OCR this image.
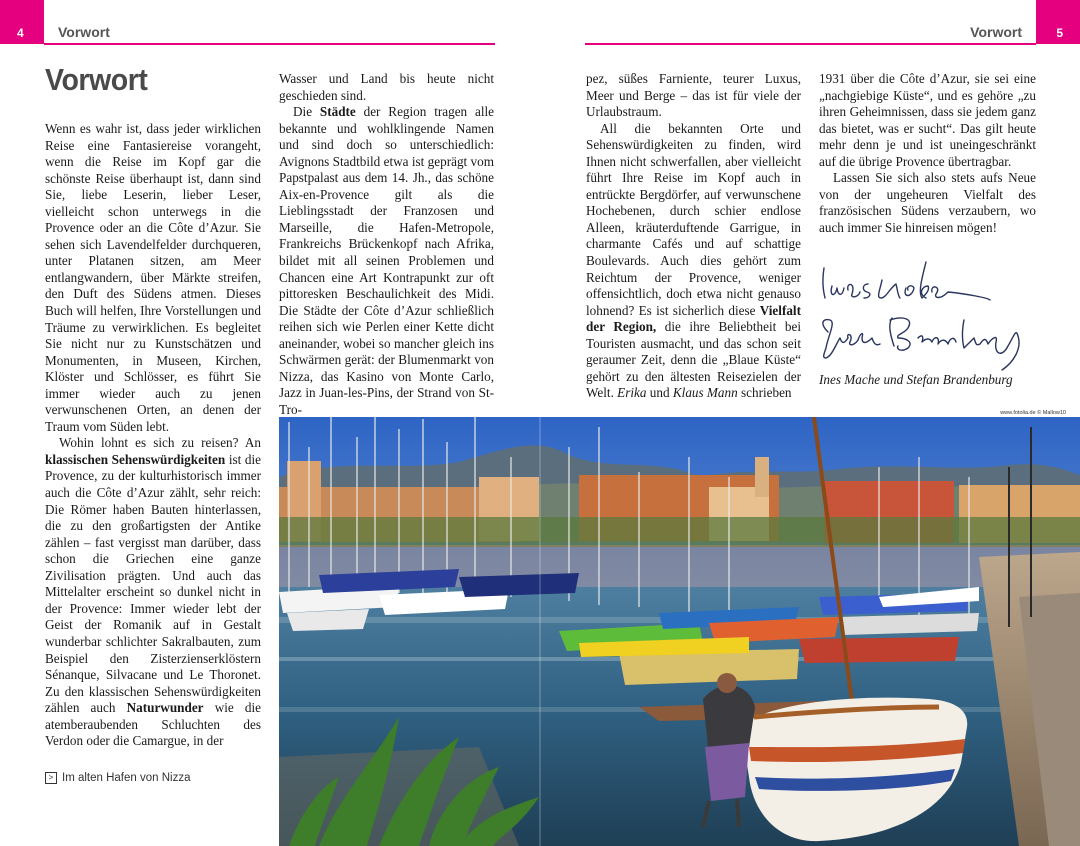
4 Vorwort	Vorwort	5
Vorwort

Wenn es wahr ist, dass jeder wirklichen Reise eine Fantasiereise vorangeht, wenn die Reise im Kopf gar die schönste Reise überhaupt ist, dann sind Sie, liebe Leserin, lieber Leser, vielleicht schon unterwegs in die Provence oder an die Côte d’Azur. Sie sehen sich Lavendelfelder durchqueren, unter Platanen sitzen, am Meer entlangwandern, über Märkte streifen, den Duft des Südens atmen. Dieses Buch will helfen, Ihre Vorstellungen und Träume zu verwirklichen. Es begleitet Sie nicht nur zu Kunstschätzen und Monumenten, in Museen, Kirchen, Klöster und Schlösser, es führt Sie immer wieder auch zu jenen verwunschenen Orten, an denen der Traum vom Süden lebt.

Wohin lohnt es sich zu reisen? An klassischen Sehenswürdigkeiten ist die Provence, zu der kulturhistorisch immer auch die Côte d’Azur zählt, sehr reich: Die Römer haben Bauten hinterlassen, die zu den großartigsten der Antike zählen – fast vergisst man darüber, dass schon die Griechen eine ganze Zivilisation prägten. Und auch das Mittelalter erscheint so dunkel nicht in der Provence: Immer wieder lebt der Geist der Romanik auf in Gestalt wunderbar schlichter Sakralbauten, zum Beispiel den Zisterzienserklöstern Sénanque, Silvacane und Le Thoronet. Zu den klassischen Sehenswürdigkeiten zählen auch Naturwunder wie die atemberaubenden Schluchten des Verdon oder die Camargue, in der

Wasser und Land bis heute nicht geschieden sind.

Die Städte der Region tragen alle bekannte und wohlklingende Namen und sind doch so unterschiedlich: Avignons Stadtbild etwa ist geprägt vom Papstpalast aus dem 14. Jh., das schöne Aix-en-Provence gilt als die Lieblingsstadt der Franzosen und Marseille, die Hafen-Metropole, Frankreichs Brückenkopf nach Afrika, bildet mit all seinen Problemen und Chancen eine Art Kontrapunkt zur oft pittoresken Beschaulichkeit des Midi. Die Städte der Côte d’Azur schließlich reihen sich wie Perlen einer Kette dicht aneinander, wobei so mancher gleich ins Schwärmen gerät: der Blumenmarkt von Nizza, das Kasino von Monte Carlo, Jazz in Juan-les-Pins, der Strand von St-Tro-

pez, süßes Farniente, teurer Luxus, Meer und Berge – das ist für viele der Urlaubstraum.

All die bekannten Orte und Sehenswürdigkeiten zu finden, wird Ihnen nicht schwerfallen, aber vielleicht führt Ihre Reise im Kopf auch in entrückte Bergdörfer, auf verwunschene Hochebenen, durch schier endlose Alleen, kräuterduftende Garrigue, in charmante Cafés und auf schattige Boulevards. Auch dies gehört zum Reichtum der Provence, weniger offensichtlich, doch etwa nicht genauso lohnend? Es ist sicherlich diese Vielfalt der Region, die ihre Beliebtheit bei Touristen ausmacht, und das schon seit geraumer Zeit, denn die „Blaue Küste“ gehört zu den ältesten Reisezielen der Welt. Erika und Klaus Mann schrieben

1931 über die Côte d’Azur, sie sei eine „nachgiebige Küste“, und es gehöre „zu ihren Geheimnissen, dass sie jedem ganz das bietet, was er sucht“. Das gilt heute mehr denn je und ist uneingeschränkt auf die übrige Provence übertragbar.

Lassen Sie sich also stets aufs Neue von der ungeheuren Vielfalt des französischen Südens verzaubern, wo auch immer Sie hinreisen mögen!

Ines Mache und Stefan Brandenburg
> Im alten Hafen von Nizza
www.fotolia.de © Mallow10
